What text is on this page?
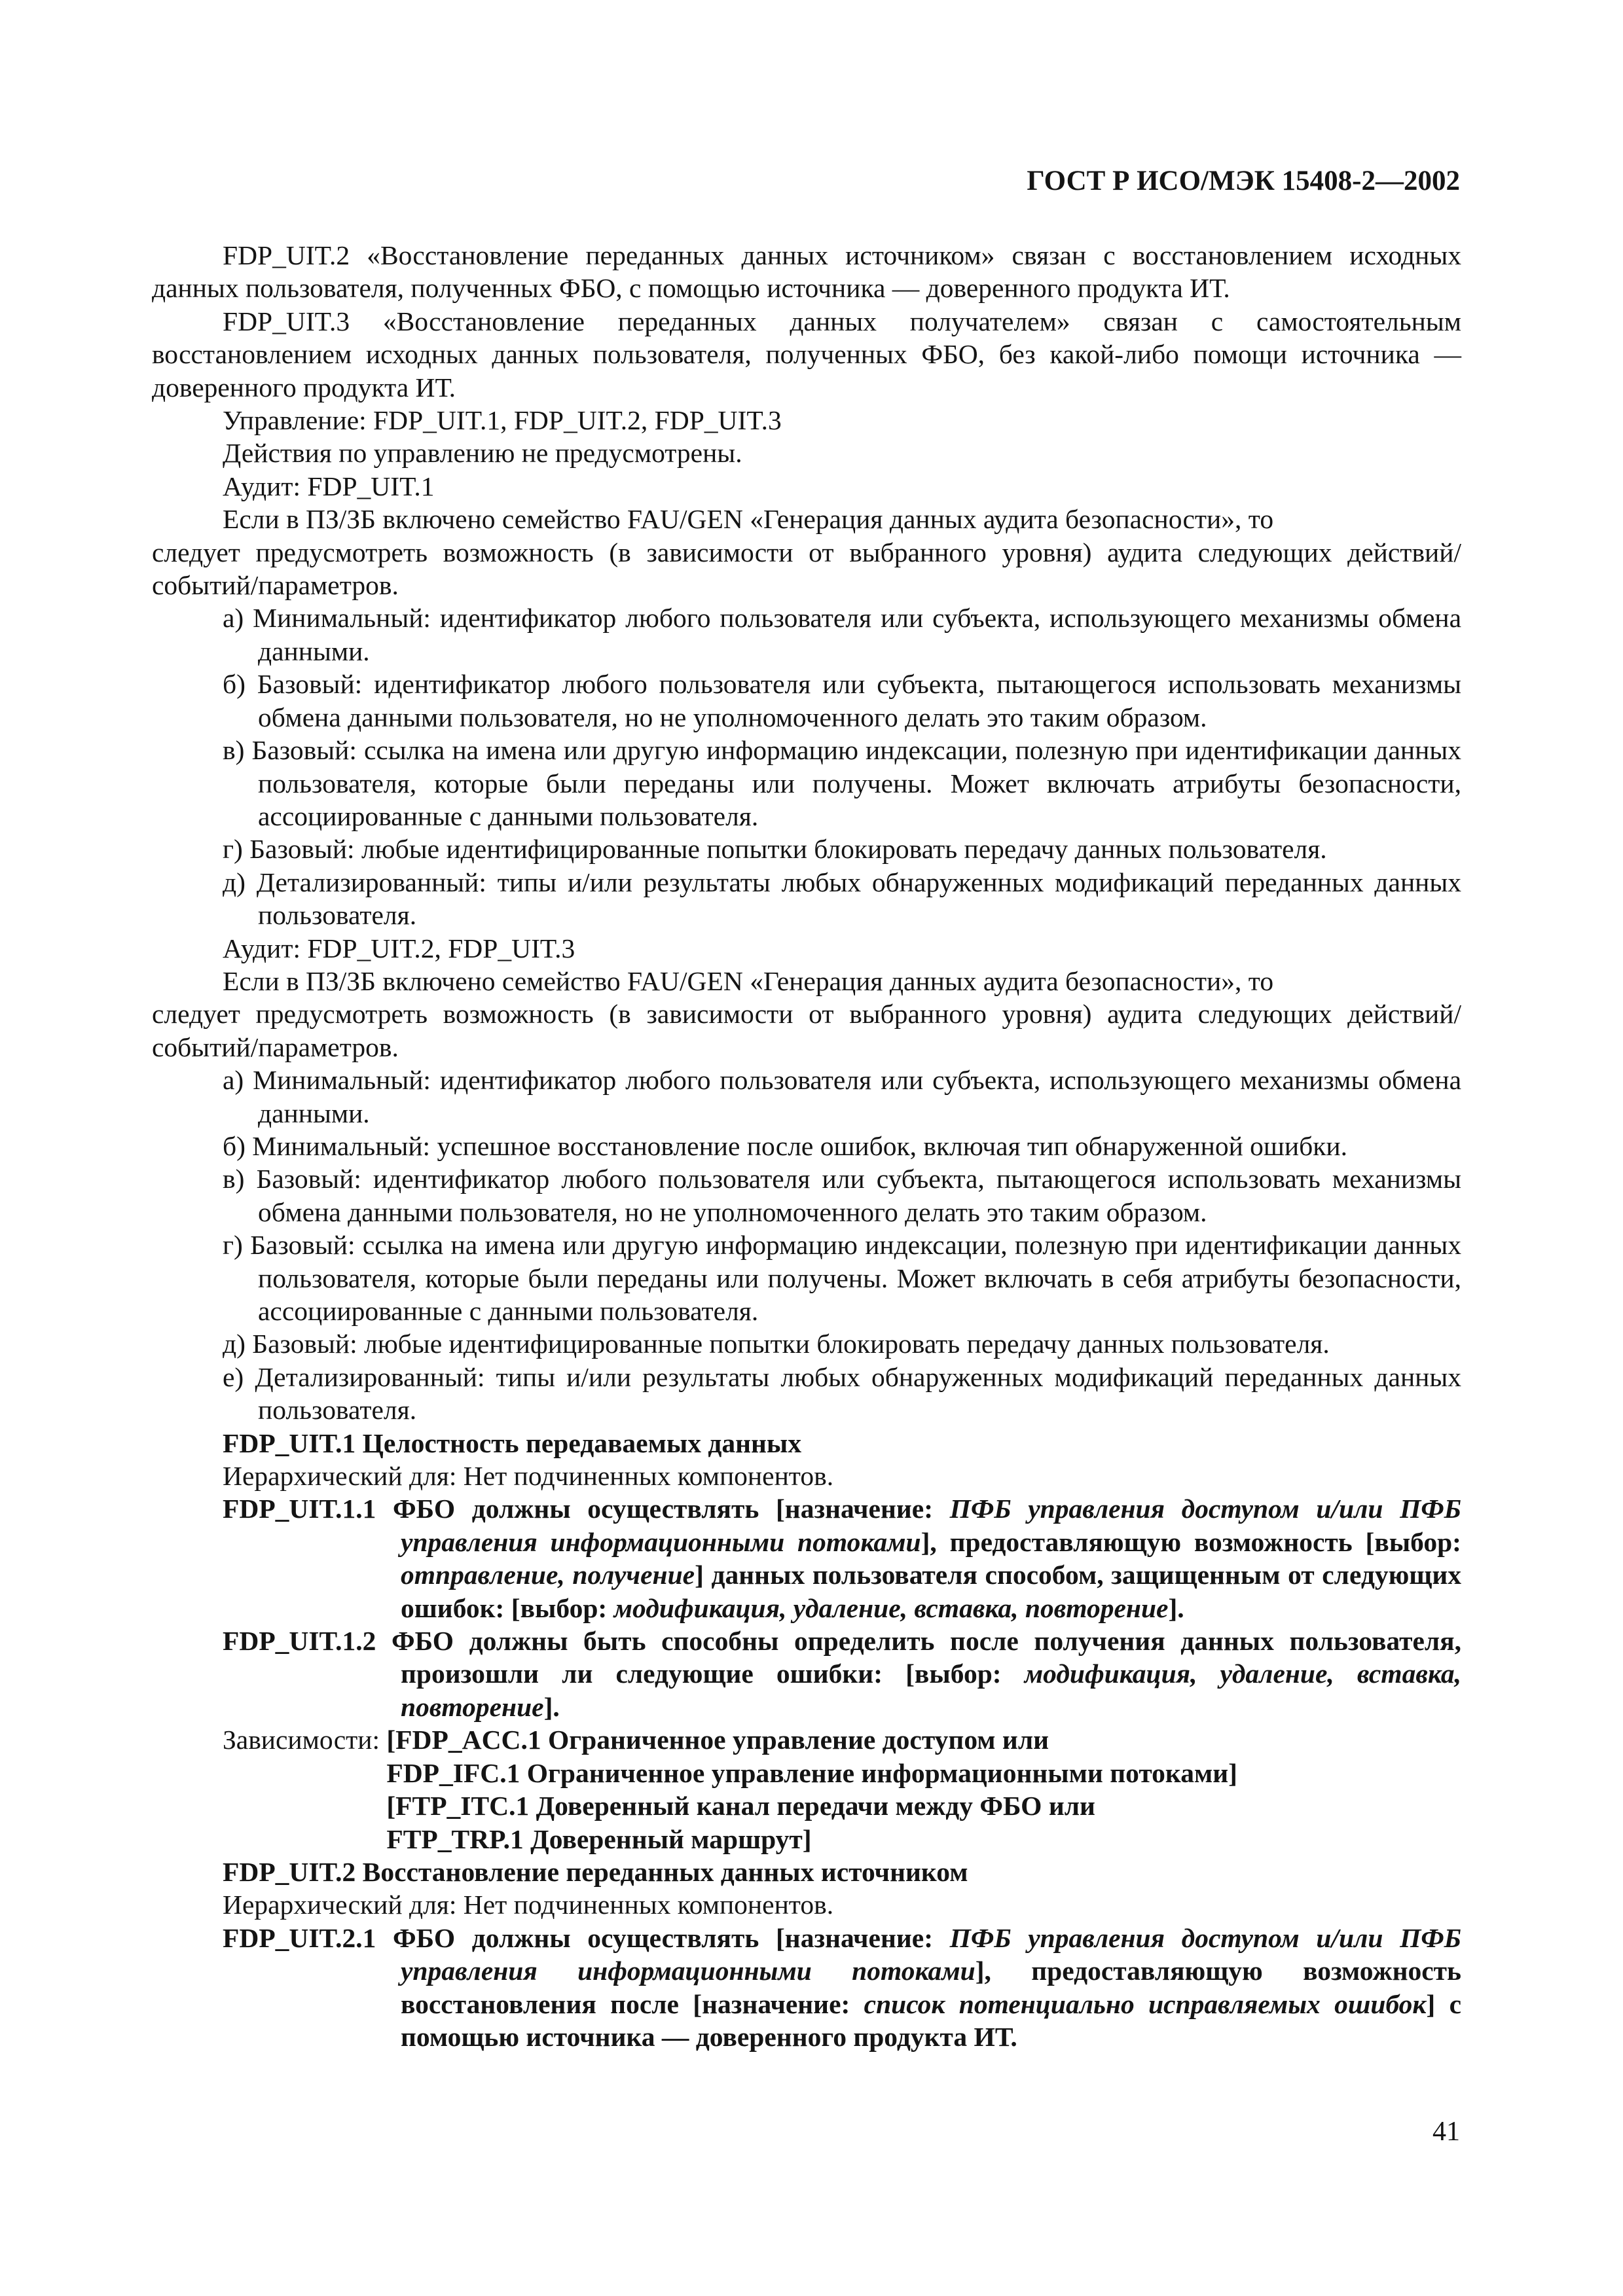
ГОСТ Р ИСО/МЭК 15408-2—2002

FDP_UIT.2 «Восстановление переданных данных источником» связан с восстановлением исходных данных пользователя, полученных ФБО, с помощью источника — доверенного продукта ИТ.

FDP_UIT.3 «Восстановление переданных данных получателем» связан с самостоятельным восстановлением исходных данных пользователя, полученных ФБО, без какой-либо помощи источника — доверенного продукта ИТ.

Управление: FDP_UIT.1, FDP_UIT.2, FDP_UIT.3

Действия по управлению не предусмотрены.

Аудит: FDP_UIT.1

Если в ПЗ/ЗБ включено семейство FAU/GEN «Генерация данных аудита безопасности», то

следует предусмотреть возможность (в зависимости от выбранного уровня) аудита следующих действий/событий/параметров.

а) Минимальный: идентификатор любого пользователя или субъекта, использующего механизмы обмена данными.

б) Базовый: идентификатор любого пользователя или субъекта, пытающегося использовать механизмы обмена данными пользователя, но не уполномоченного делать это таким образом.

в) Базовый: ссылка на имена или другую информацию индексации, полезную при идентификации данных пользователя, которые были переданы или получены. Может включать атрибуты безопасности, ассоциированные с данными пользователя.

г) Базовый: любые идентифицированные попытки блокировать передачу данных пользователя.

д) Детализированный: типы и/или результаты любых обнаруженных модификаций переданных данных пользователя.

Аудит: FDP_UIT.2, FDP_UIT.3

Если в ПЗ/ЗБ включено семейство FAU/GEN «Генерация данных аудита безопасности», то

следует предусмотреть возможность (в зависимости от выбранного уровня) аудита следующих действий/событий/параметров.

а) Минимальный: идентификатор любого пользователя или субъекта, использующего механизмы обмена данными.

б) Минимальный: успешное восстановление после ошибок, включая тип обнаруженной ошибки.

в) Базовый: идентификатор любого пользователя или субъекта, пытающегося использовать механизмы обмена данными пользователя, но не уполномоченного делать это таким образом.

г) Базовый: ссылка на имена или другую информацию индексации, полезную при идентификации данных пользователя, которые были переданы или получены. Может включать в себя атрибуты безопасности, ассоциированные с данными пользователя.

д) Базовый: любые идентифицированные попытки блокировать передачу данных пользователя.

е) Детализированный: типы и/или результаты любых обнаруженных модификаций переданных данных пользователя.

FDP_UIT.1 Целостность передаваемых данных

Иерархический для: Нет подчиненных компонентов.

FDP_UIT.1.1 ФБО должны осуществлять [назначение: ПФБ управления доступом и/или ПФБ управления информационными потоками], предоставляющую возможность [выбор: отправление, получение] данных пользователя способом, защищенным от следующих ошибок: [выбор: модификация, удаление, вставка, повторение].

FDP_UIT.1.2 ФБО должны быть способны определить после получения данных пользователя, произошли ли следующие ошибки: [выбор: модификация, удаление, вставка, повторение].

Зависимости: [FDP_ACC.1 Ограниченное управление доступом или
FDP_IFC.1 Ограниченное управление информационными потоками]
[FTP_ITC.1 Доверенный канал передачи между ФБО или
FTP_TRP.1 Доверенный маршрут]

FDP_UIT.2 Восстановление переданных данных источником

Иерархический для: Нет подчиненных компонентов.

FDP_UIT.2.1 ФБО должны осуществлять [назначение: ПФБ управления доступом и/или ПФБ управления информационными потоками], предоставляющую возможность восстановления после [назначение: список потенциально исправляемых ошибок] с помощью источника — доверенного продукта ИТ.

41
